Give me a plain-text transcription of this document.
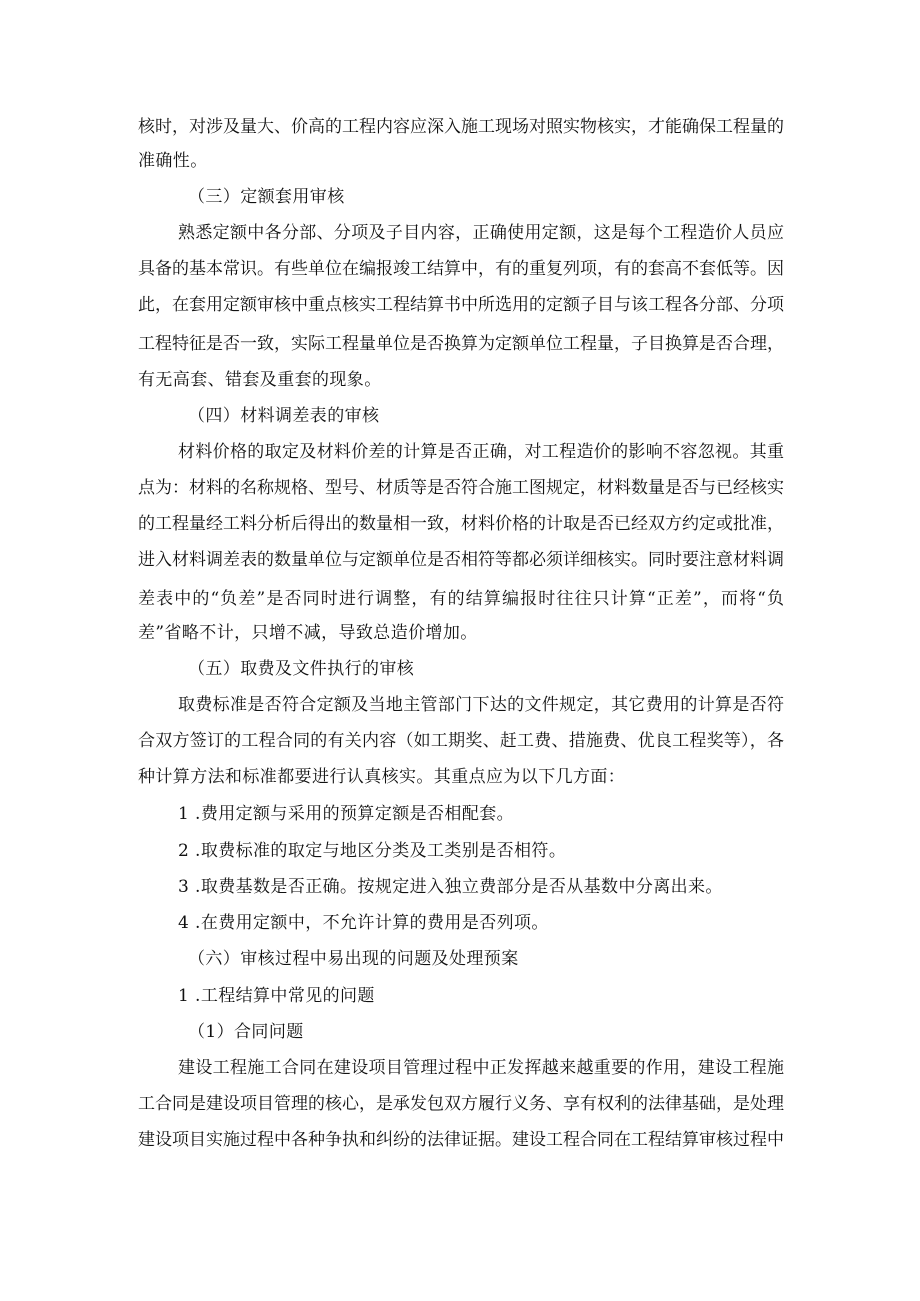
核时，对涉及量大、价高的工程内容应深入施工现场对照实物核实，才能确保工程量的
准确性。
（三）定额套用审核
熟悉定额中各分部、分项及子目内容，正确使用定额，这是每个工程造价人员应
具备的基本常识。有些单位在编报竣工结算中，有的重复列项，有的套高不套低等。因
此，在套用定额审核中重点核实工程结算书中所选用的定额子目与该工程各分部、分项
工程特征是否一致，实际工程量单位是否换算为定额单位工程量，子目换算是否合理，
有无高套、错套及重套的现象。
（四）材料调差表的审核
材料价格的取定及材料价差的计算是否正确，对工程造价的影响不容忽视。其重
点为：材料的名称规格、型号、材质等是否符合施工图规定，材料数量是否与已经核实
的工程量经工料分析后得出的数量相一致，材料价格的计取是否已经双方约定或批准，
进入材料调差表的数量单位与定额单位是否相符等都必须详细核实。同时要注意材料调
差表中的“负差”是否同时进行调整，有的结算编报时往往只计算“正差”，而将“负
差”省略不计，只增不减，导致总造价增加。
（五）取费及文件执行的审核
取费标准是否符合定额及当地主管部门下达的文件规定，其它费用的计算是否符
合双方签订的工程合同的有关内容（如工期奖、赶工费、措施费、优良工程奖等），各
种计算方法和标准都要进行认真核实。其重点应为以下几方面：
1 .费用定额与采用的预算定额是否相配套。
2 .取费标准的取定与地区分类及工类别是否相符。
3 .取费基数是否正确。按规定进入独立费部分是否从基数中分离出来。
4 .在费用定额中，不允许计算的费用是否列项。
（六）审核过程中易出现的问题及处理预案
1 .工程结算中常见的问题
（1）合同问题
建设工程施工合同在建设项目管理过程中正发挥越来越重要的作用，建设工程施
工合同是建设项目管理的核心，是承发包双方履行义务、享有权利的法律基础，是处理
建设项目实施过程中各种争执和纠纷的法律证据。建设工程合同在工程结算审核过程中
